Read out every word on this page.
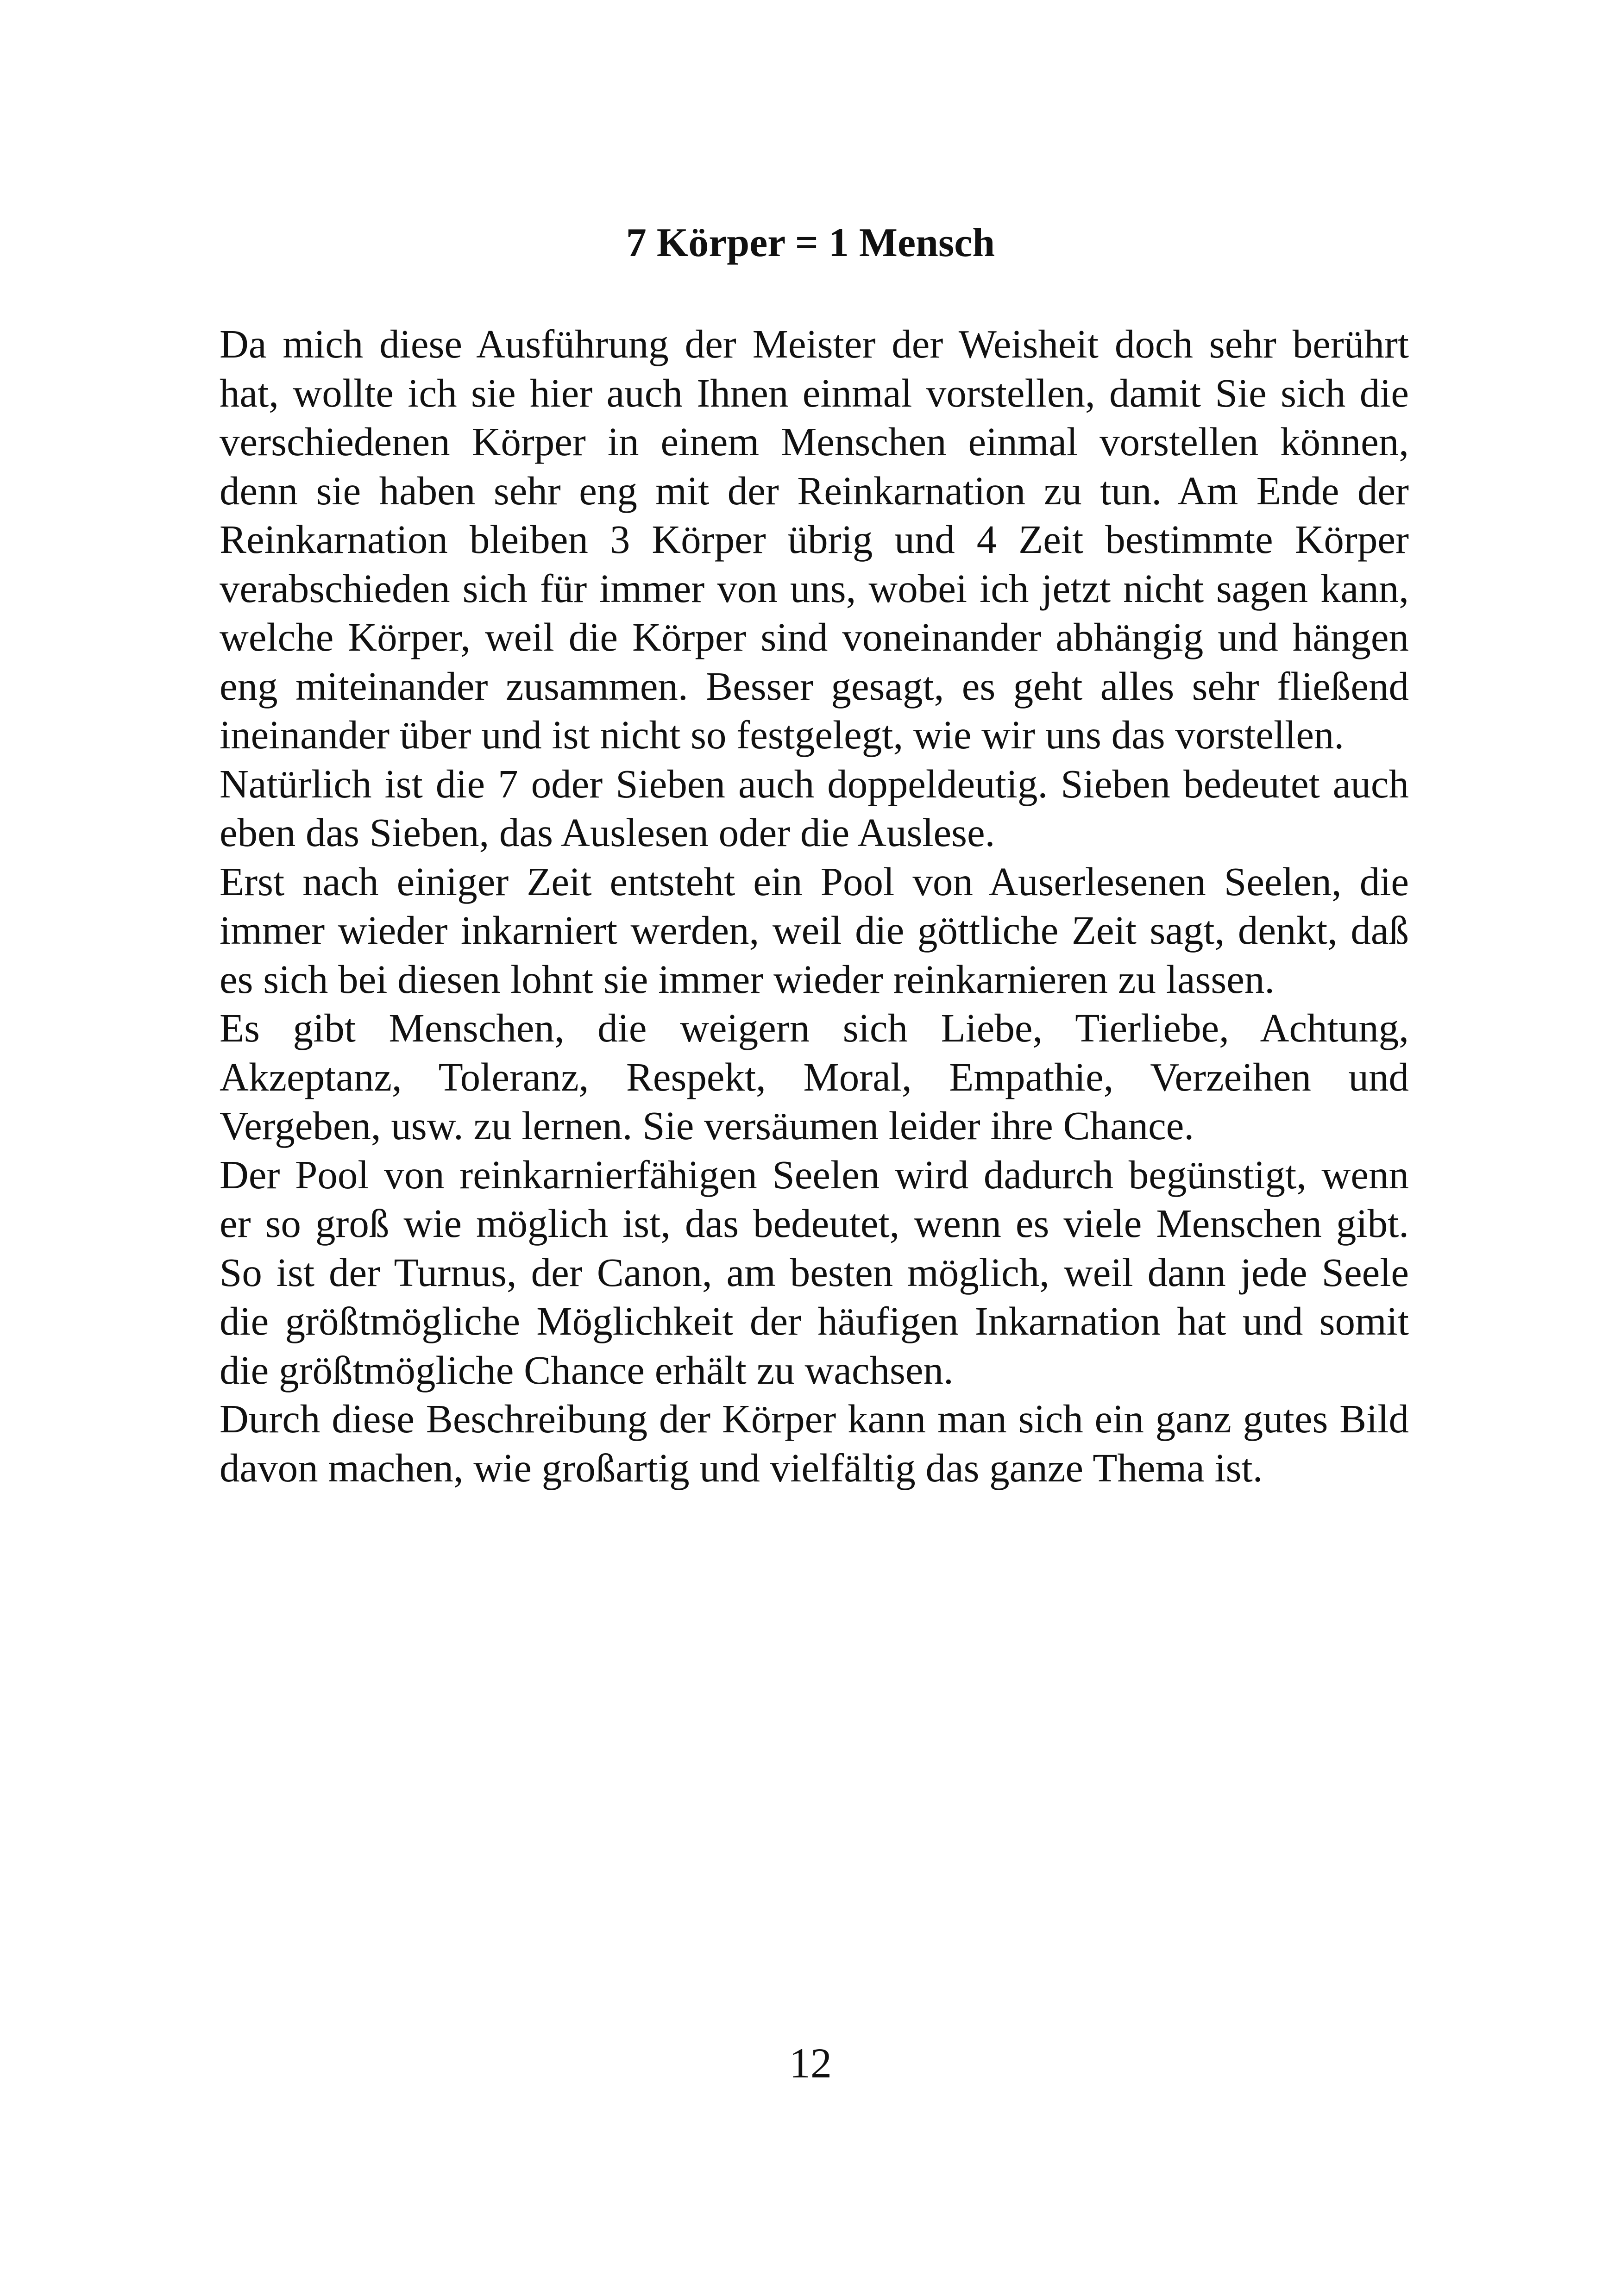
7 Körper = 1 Mensch

Da mich diese Ausführung der Meister der Weisheit doch sehr berührt hat, wollte ich sie hier auch Ihnen einmal vorstellen, damit Sie sich die verschiedenen Körper in einem Menschen einmal vorstellen können, denn sie haben sehr eng mit der Reinkarnation zu tun. Am Ende der Reinkarnation bleiben 3 Körper übrig und 4 Zeit bestimmte Körper verabschieden sich für immer von uns, wobei ich jetzt nicht sagen kann, welche Körper, weil die Körper sind voneinander abhängig und hängen eng miteinander zusammen. Besser gesagt, es geht alles sehr fließend ineinander über und ist nicht so festgelegt, wie wir uns das vorstellen.

Natürlich ist die 7 oder Sieben auch doppeldeutig. Sieben bedeutet auch eben das Sieben, das Auslesen oder die Auslese.

Erst nach einiger Zeit entsteht ein Pool von Auserlesenen Seelen, die immer wieder inkarniert werden, weil die göttliche Zeit sagt, denkt, daß es sich bei diesen lohnt sie immer wieder reinkarnieren zu lassen.

Es gibt Menschen, die weigern sich Liebe, Tierliebe, Achtung, Akzeptanz, Toleranz, Respekt, Moral, Empathie, Verzeihen und Vergeben, usw. zu lernen. Sie versäumen leider ihre Chance.

Der Pool von reinkarnierfähigen Seelen wird dadurch begünstigt, wenn er so groß wie möglich ist, das bedeutet, wenn es viele Menschen gibt. So ist der Turnus, der Canon, am besten möglich, weil dann jede Seele die größtmögliche Möglichkeit der häufigen Inkarnation hat und somit die größtmögliche Chance erhält zu wachsen.

Durch diese Beschreibung der Körper kann man sich ein ganz gutes Bild davon machen, wie großartig und vielfältig das ganze Thema ist.

12
